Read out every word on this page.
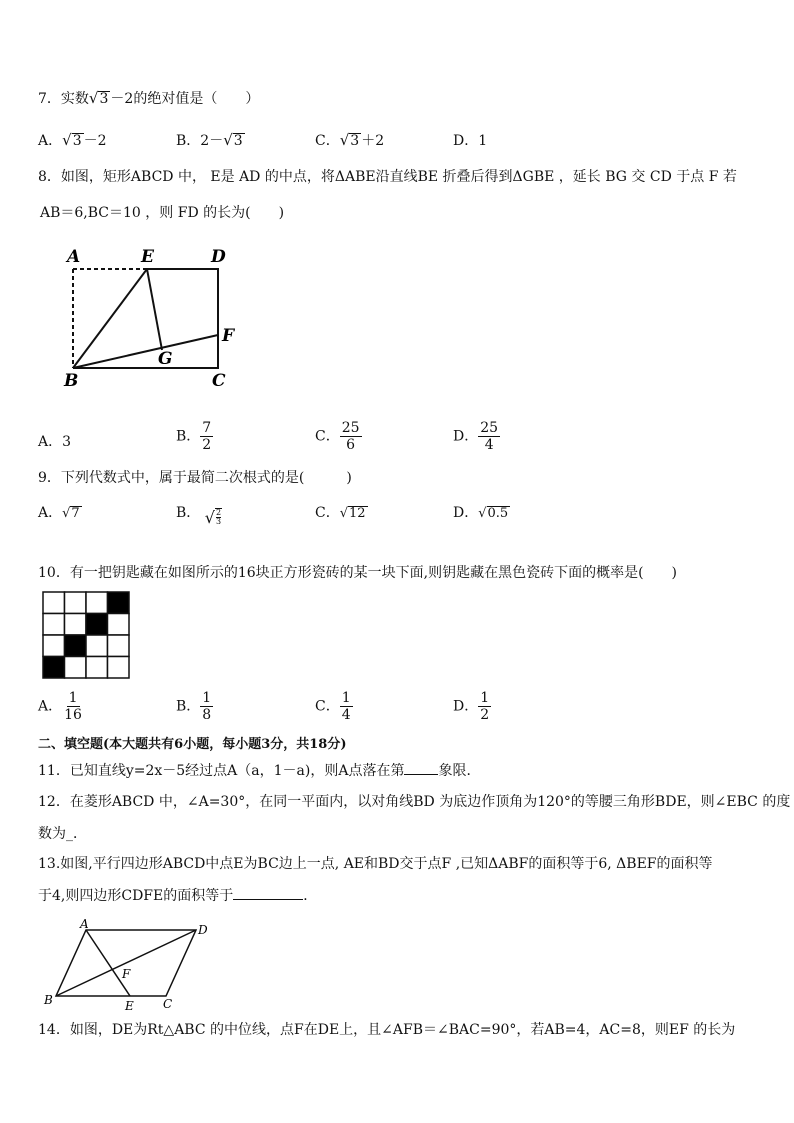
7．实数√3 －2的绝对值是（　　）
A．√3 －2	B．2－√3	C．√3 ＋2	D．1
8．如图，矩形ABCD 中， E是 AD 的中点，将ΔABE沿直线BE 折叠后得到ΔGBE ，延长 BG 交 CD 于点 F 若
AB＝6,BC＝10 ，则 FD 的长为(　　)
A	E	D
F
G
B	C
A．3	B． $\frac{7}{2}$	C． $\frac{25}{6}$	D． $\frac{25}{4}$
9．下列代数式中，属于最简二次根式的是(　　　)
A．√7	B． √ $\frac{2}{3}$	C．√12	D．√0.5
10．有一把钥匙藏在如图所示的16块正方形瓷砖的某一块下面,则钥匙藏在黑色瓷砖下面的概率是(　　)
A． $\frac{1}{16}$	B． $\frac{1}{8}$	C． $\frac{1}{4}$	D． $\frac{1}{2}$
二、填空题(本大题共有6小题，每小题3分，共18分)
11．已知直线y=2x－5经过点A（a，1－a)，则A点落在第 象限．
12．在菱形ABCD 中，∠A=30°，在同一平面内，以对角线BD 为底边作顶角为120°的等腰三角形BDE，则∠EBC 的度
数为_．
13.如图,平行四边形ABCD中点E为BC边上一点, AE和BD交于点F ,已知ΔABF的面积等于6, ΔBEF的面积等
于4,则四边形CDFE的面积等于	．
A	D
F
B	E C
14．如图，DE为Rt△ABC 的中位线，点F在DE上，且∠AFB＝∠BAC=90°，若AB=4，AC=8，则EF 的长为
